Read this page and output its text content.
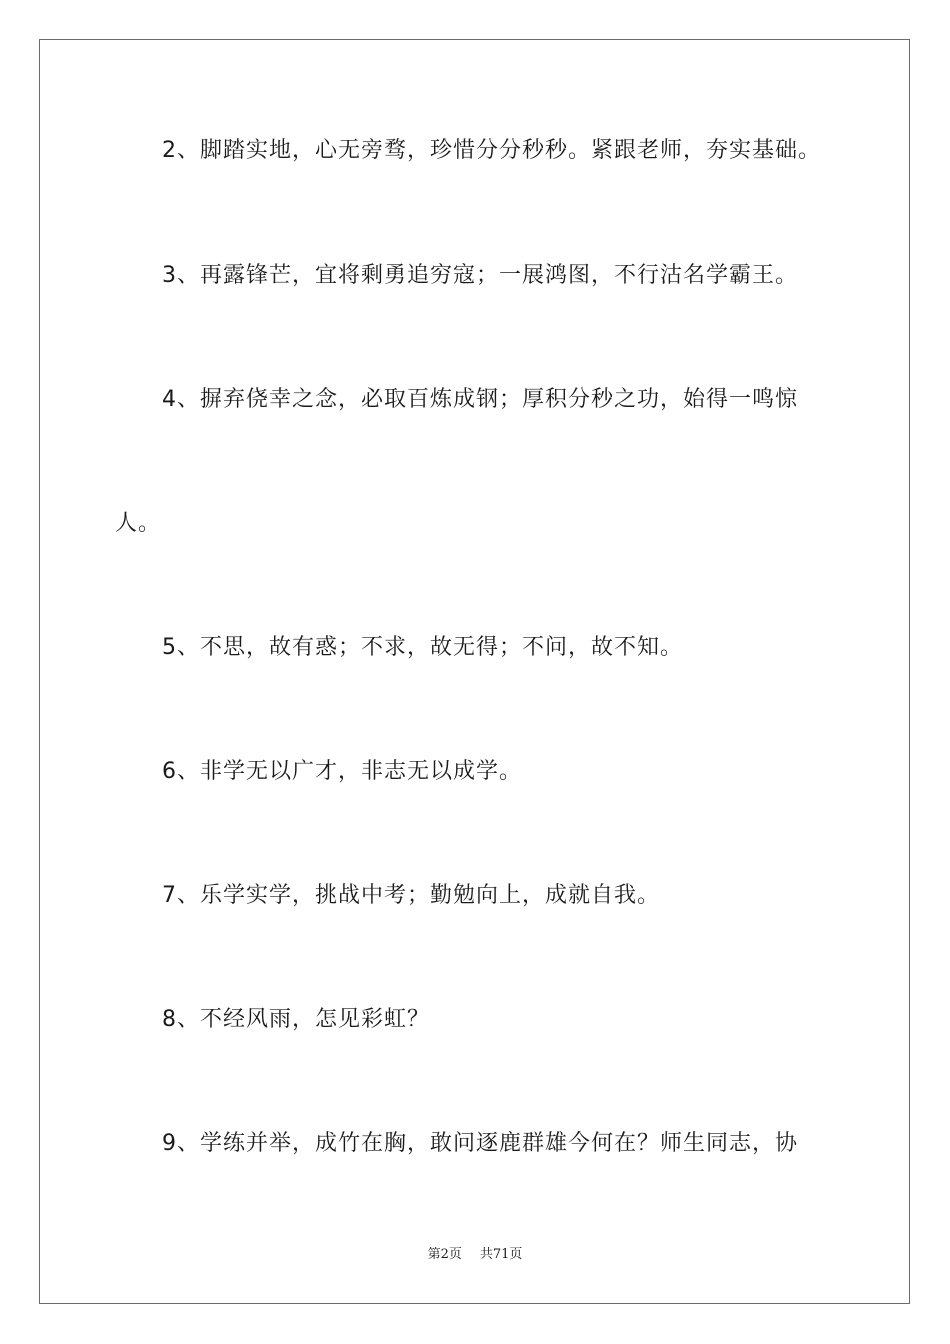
2、脚踏实地，心无旁骛，珍惜分分秒秒。紧跟老师，夯实基础。
3、再露锋芒，宜将剩勇追穷寇；一展鸿图，不行沽名学霸王。
4、摒弃侥幸之念，必取百炼成钢；厚积分秒之功，始得一鸣惊
人。
5、不思，故有惑；不求，故无得；不问，故不知。
6、非学无以广才，非志无以成学。
7、乐学实学，挑战中考；勤勉向上，成就自我。
8、不经风雨，怎见彩虹？
9、学练并举，成竹在胸，敢问逐鹿群雄今何在？师生同志，协
第2页 共71页
